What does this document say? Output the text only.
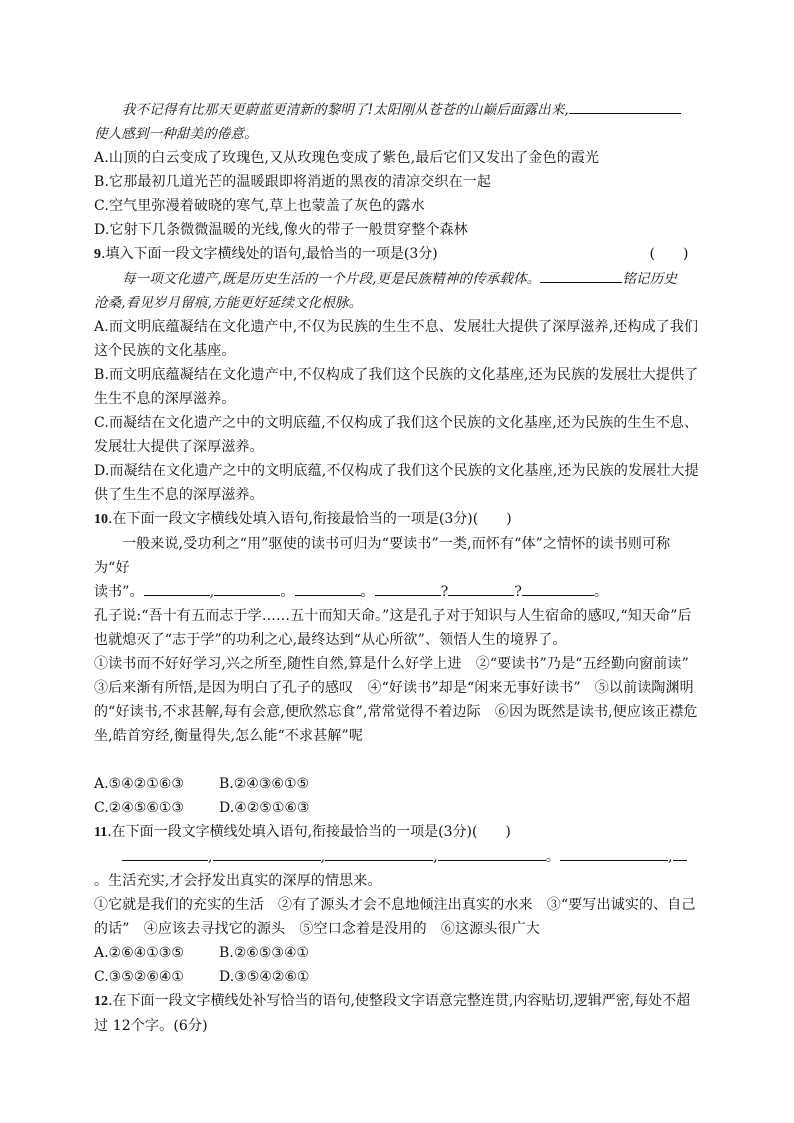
我不记得有比那天更蔚蓝更清新的黎明了!太阳刚从苍苍的山巅后面露出来,

使人感到一种甜美的倦意。

A.山顶的白云变成了玫瑰色,又从玫瑰色变成了紫色,最后它们又发出了金色的霞光

B.它那最初几道光芒的温暖跟即将消逝的黑夜的清凉交织在一起

C.空气里弥漫着破晓的寒气,草上也蒙盖了灰色的露水

D.它射下几条微微温暖的光线,像火的带子一般贯穿整个森林

(　　)
9.填入下面一段文字横线处的语句,最恰当的一项是(3分)

每一项文化遗产,既是历史生活的一个片段,更是民族精神的传承载体。	铭记历史

沧桑,看见岁月留痕,方能更好延续文化根脉。

A.而文明底蕴凝结在文化遗产中,不仅为民族的生生不息、发展壮大提供了深厚滋养,还构成了我们

这个民族的文化基座。

B.而文明底蕴凝结在文化遗产中,不仅构成了我们这个民族的文化基座,还为民族的发展壮大提供了

生生不息的深厚滋养。

C.而凝结在文化遗产之中的文明底蕴,不仅构成了我们这个民族的文化基座,还为民族的生生不息、

发展壮大提供了深厚滋养。

D.而凝结在文化遗产之中的文明底蕴,不仅构成了我们这个民族的文化基座,还为民族的发展壮大提

供了生生不息的深厚滋养。

10.在下面一段文字横线处填入语句,衔接最恰当的一项是(3分)(　　)

一般来说,受功利之“用”驱使的读书可归为“要读书”一类,而怀有“体”之情怀的读书则可称为“好

读书”。	,	。	。	?	?	。

孔子说:“吾十有五而志于学……五十而知天命。”这是孔子对于知识与人生宿命的感叹,“知天命”后

也就熄灭了“志于学”的功利之心,最终达到“从心所欲”、领悟人生的境界了。

①读书而不好好学习,兴之所至,随性自然,算是什么好学上进　②“要读书”乃是“五经勤向窗前读”

③后来渐有所悟,是因为明白了孔子的感叹　④“好读书”却是“闲来无事好读书”　⑤以前读陶渊明

的“好读书,不求甚解,每有会意,便欣然忘食”,常常觉得不着边际　⑥因为既然是读书,便应该正襟危

坐,皓首穷经,衡量得失,怎么能“不求甚解”呢

A.⑤④②①⑥③	B.②④③⑥①⑤
C.②④⑤⑥①③	D.④②⑤①⑥③

11.在下面一段文字横线处填入语句,衔接最恰当的一项是(3分)(　　)

,	,	,	。	,

。生活充实,才会抒发出真实的深厚的情思来。

①它就是我们的充实的生活　②有了源头才会不息地倾注出真实的水来　③“要写出诚实的、自己

的话”　④应该去寻找它的源头　⑤空口念着是没用的　⑥这源头很广大

A.②⑥④①③⑤	B.②⑥⑤③④①
C.③⑤②⑥④①	D.③⑤④②⑥①

12.在下面一段文字横线处补写恰当的语句,使整段文字语意完整连贯,内容贴切,逻辑严密,每处不超

过 12个字。(6分)
